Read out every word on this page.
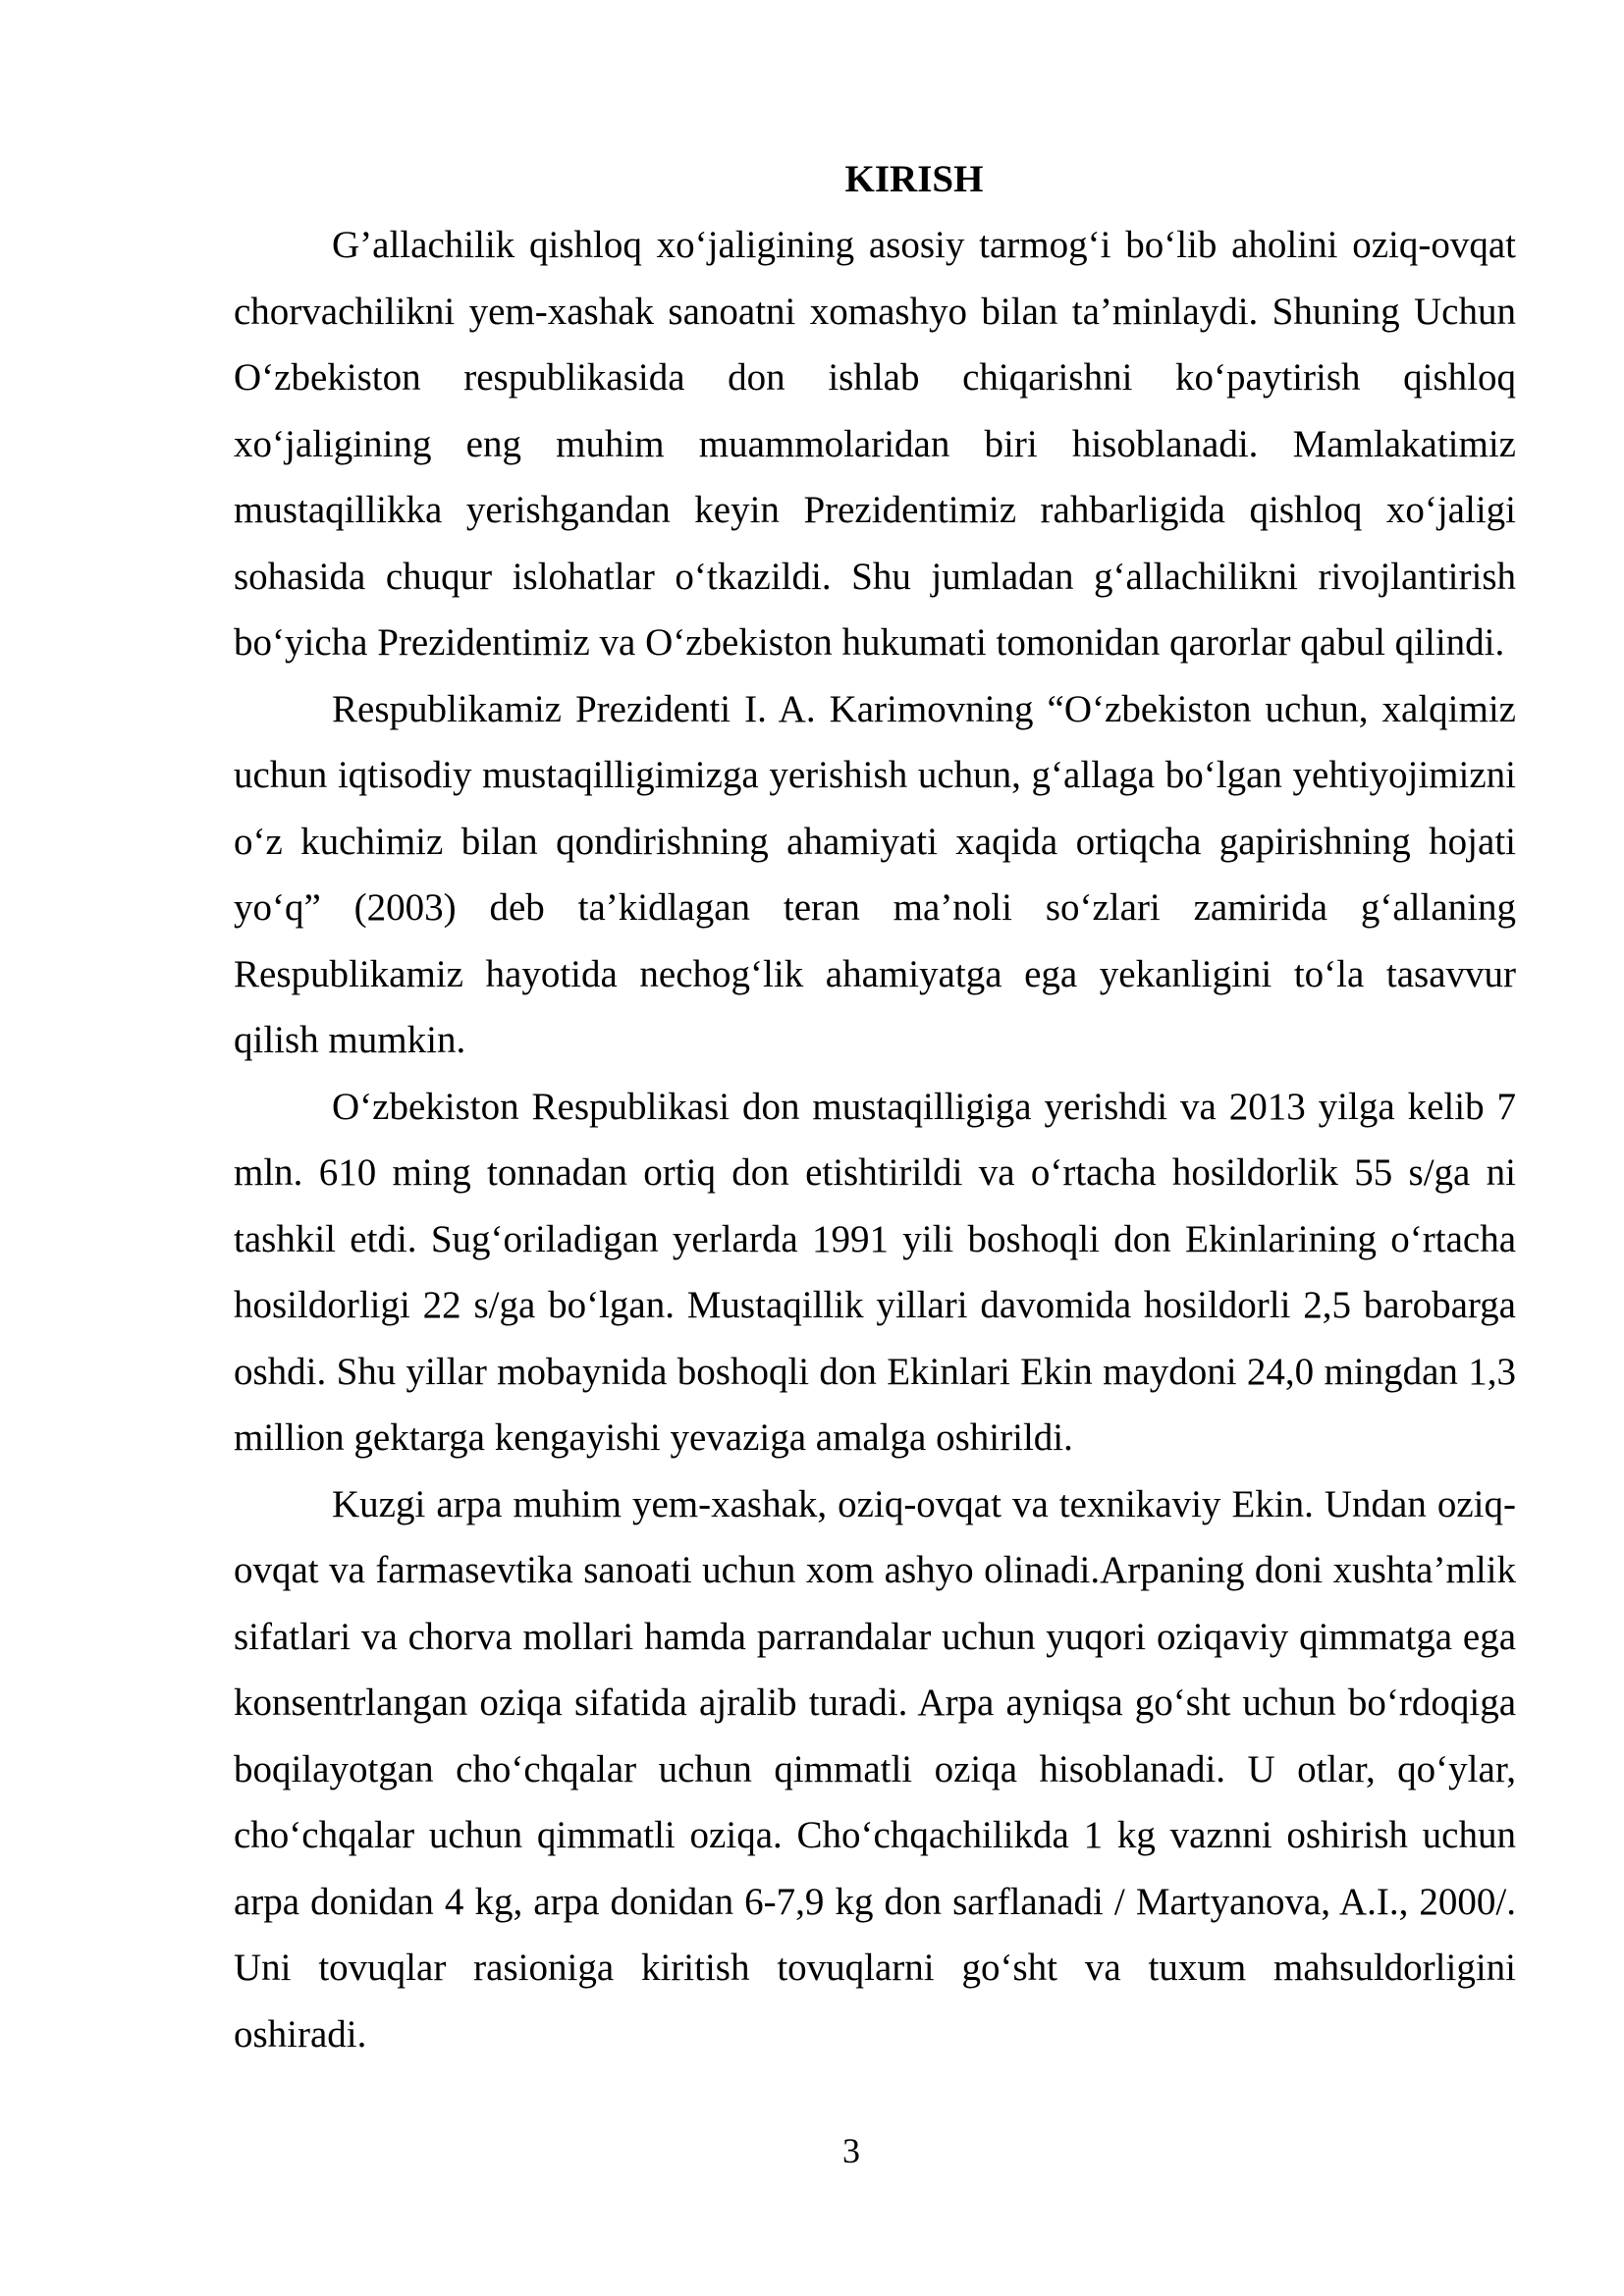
KIRISH

G’allachilik qishloq xo‘jaligining asosiy tarmog‘i bo‘lib aholini oziq-ovqat chorvachilikni yem-xashak sanoatni xomashyo bilan ta’minlaydi. Shuning Uchun O‘zbekiston respublikasida don ishlab chiqarishni ko‘paytirish qishloq xo‘jaligining eng muhim muammolaridan biri hisoblanadi. Mamlakatimiz mustaqillikka yerishgandan keyin Prezidentimiz rahbarligida qishloq xo‘jaligi sohasida chuqur islohatlar o‘tkazildi. Shu jumladan g‘allachilikni rivojlantirish bo‘yicha Prezidentimiz va O‘zbekiston hukumati tomonidan qarorlar qabul qilindi.

Respublikamiz Prezidenti I. A. Karimovning “O‘zbekiston uchun, xalqimiz uchun iqtisodiy mustaqilligimizga yerishish uchun, g‘allaga bo‘lgan yehtiyojimizni o‘z kuchimiz bilan qondirishning ahamiyati xaqida ortiqcha gapirishning hojati yo‘q” (2003) deb ta’kidlagan teran ma’noli so‘zlari zamirida g‘allaning Respublikamiz hayotida nechog‘lik ahamiyatga ega yekanligini to‘la tasavvur qilish mumkin.

O‘zbekiston Respublikasi don mustaqilligiga yerishdi va 2013 yilga kelib 7 mln. 610 ming tonnadan ortiq don etishtirildi va o‘rtacha hosildorlik 55 s/ga ni tashkil etdi. Sug‘oriladigan yerlarda 1991 yili boshoqli don Ekinlarining o‘rtacha hosildorligi 22 s/ga bo‘lgan. Mustaqillik yillari davomida hosildorli 2,5 barobarga oshdi. Shu yillar mobaynida boshoqli don Ekinlari Ekin maydoni 24,0 mingdan 1,3 million gektarga kengayishi yevaziga amalga oshirildi.

Kuzgi arpa muhim yem-xashak, oziq-ovqat va texnikaviy Ekin. Undan oziq-ovqat va farmasevtika sanoati uchun xom ashyo olinadi.Arpaning doni xushta’mlik sifatlari va chorva mollari hamda parrandalar uchun yuqori oziqaviy qimmatga ega konsentrlangan oziqa sifatida ajralib turadi. Arpa ayniqsa go‘sht uchun bo‘rdoqiga boqilayotgan cho‘chqalar uchun qimmatli oziqa hisoblanadi. U otlar, qo‘ylar, cho‘chqalar uchun qimmatli oziqa. Cho‘chqachilikda 1 kg vaznni oshirish uchun arpa donidan 4 kg, arpa donidan 6-7,9 kg don sarflanadi / Martyanova, A.I., 2000/. Uni tovuqlar rasioniga kiritish tovuqlarni go‘sht va tuxum mahsuldorligini oshiradi.

3
